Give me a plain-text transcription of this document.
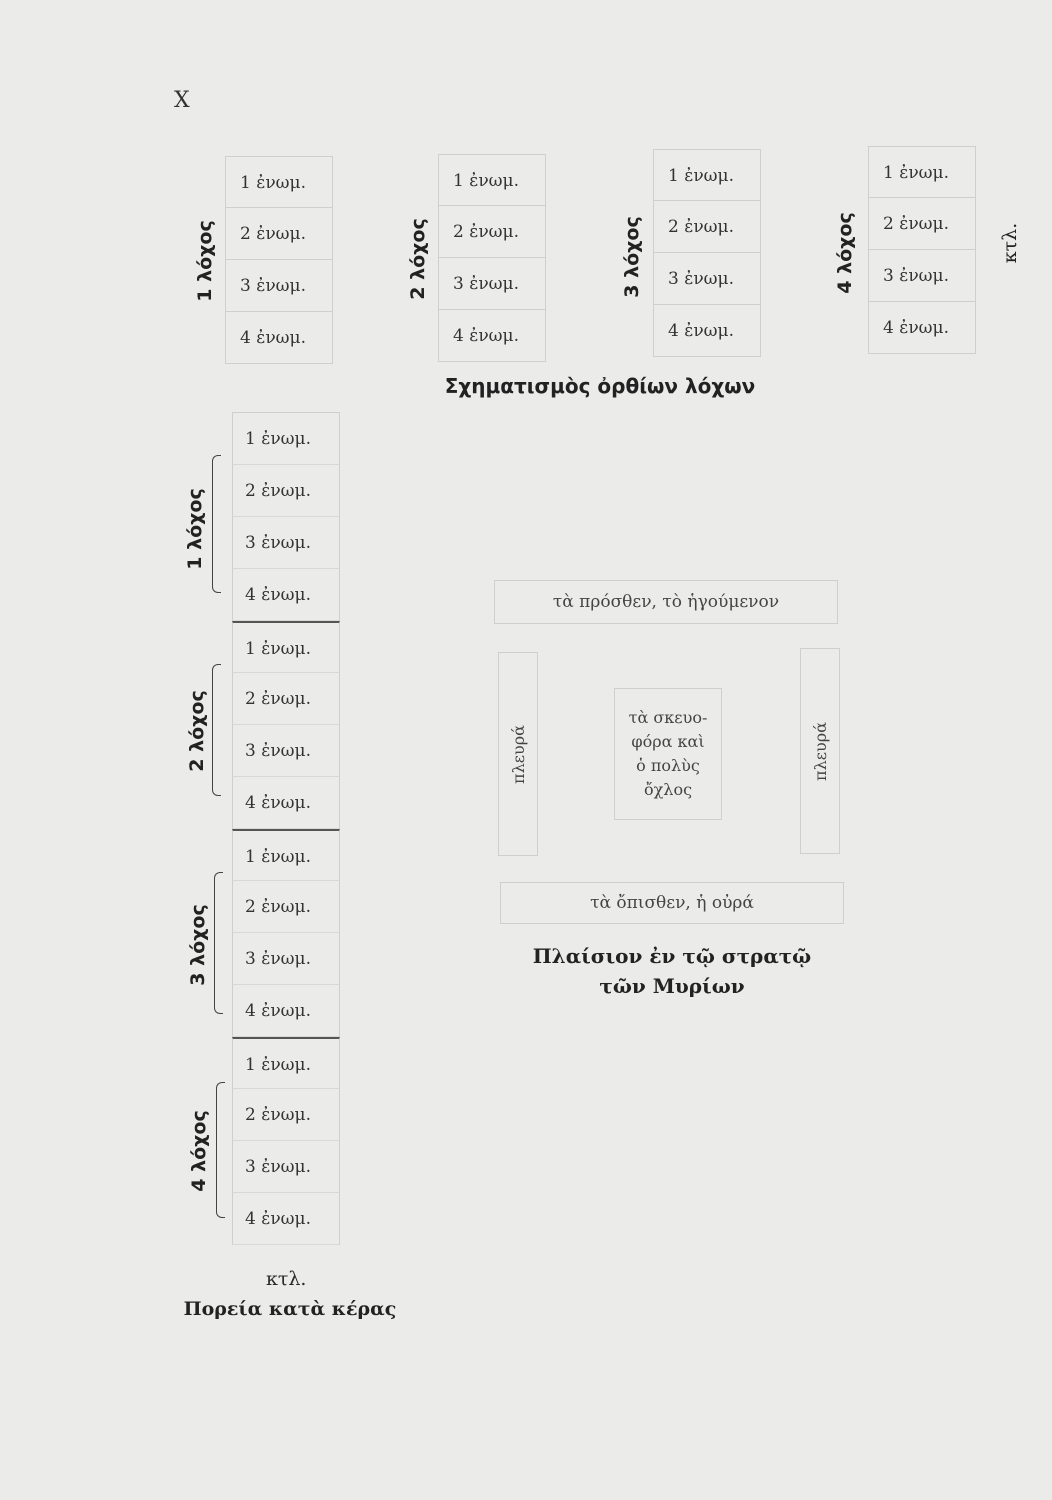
X
1 λόχος
1 ἐνωμ.
2 ἐνωμ.
3 ἐνωμ.
4 ἐνωμ.
2 λόχος
1 ἐνωμ.
2 ἐνωμ.
3 ἐνωμ.
4 ἐνωμ.
3 λόχος
1 ἐνωμ.
2 ἐνωμ.
3 ἐνωμ.
4 ἐνωμ.
4 λόχος
1 ἐνωμ.
2 ἐνωμ.
3 ἐνωμ.
4 ἐνωμ.
κτλ.
Σχηματισμὸς ὀρθίων λόχων
1 ἐνωμ.
2 ἐνωμ.
3 ἐνωμ.
4 ἐνωμ.
1 ἐνωμ.
2 ἐνωμ.
3 ἐνωμ.
4 ἐνωμ.
1 ἐνωμ.
2 ἐνωμ.
3 ἐνωμ.
4 ἐνωμ.
1 ἐνωμ.
2 ἐνωμ.
3 ἐνωμ.
4 ἐνωμ.
1 λόχος
2 λόχος
3 λόχος
4 λόχος
κτλ.
Πορεία κατὰ κέρας
τὰ πρόσθεν, τὸ ἡγούμενον
πλευρά	πλευρά
τὰ σκευο-
φόρα καὶ
ὁ πολὺς
ὄχλος
τὰ ὄπισθεν, ἡ οὐρά
Πλαίσιον ἐν τῷ στρατῷ
τῶν Μυρίων
